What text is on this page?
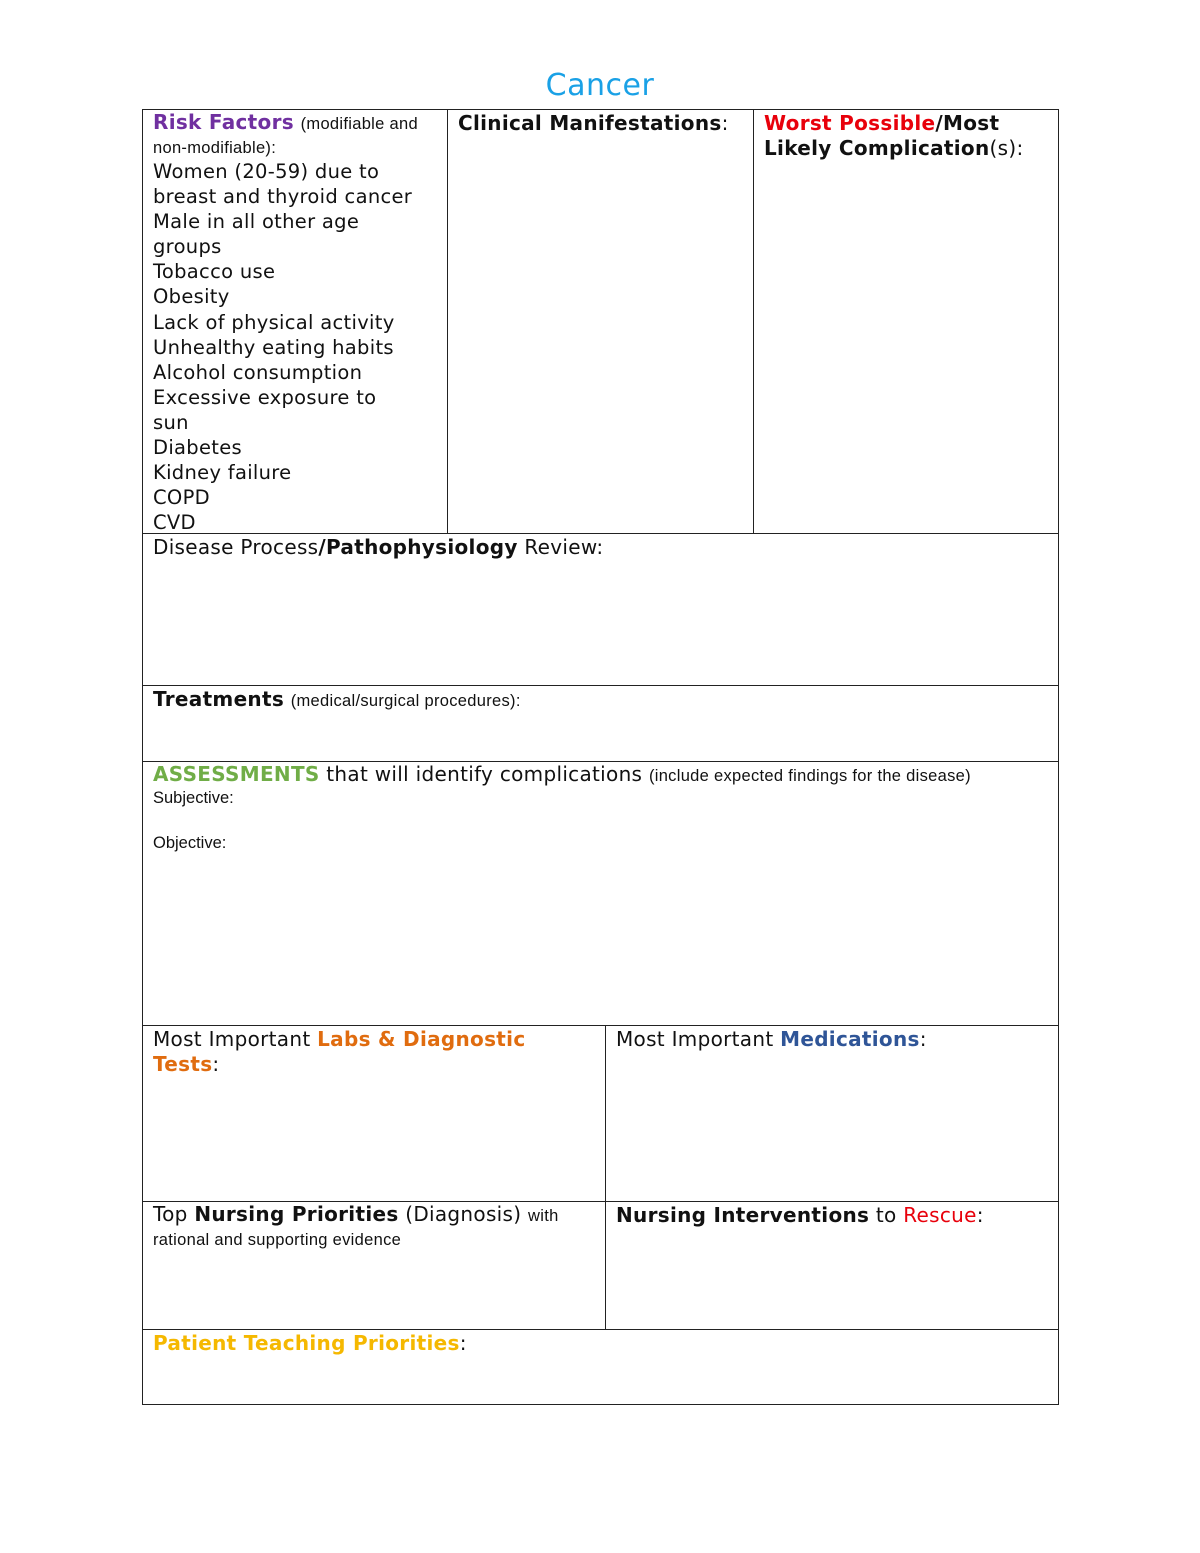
Cancer
Risk Factors (modifiable and non-modifiable):
Women (20-59) due to
breast and thyroid cancer
Male in all other age
groups
Tobacco use
Obesity
Lack of physical activity
Unhealthy eating habits
Alcohol consumption
Excessive exposure to
sun
Diabetes
Kidney failure
COPD
CVD
Clinical Manifestations:	Worst Possible/Most Likely Complication(s):
Disease Process/Pathophysiology Review:
Treatments (medical/surgical procedures):
ASSESSMENTS that will identify complications (include expected findings for the disease)
Subjective:
Objective:
Most Important Labs & Diagnostic Tests:
Most Important Medications:
Top Nursing Priorities (Diagnosis) with rational and supporting evidence
Nursing Interventions to Rescue:
Patient Teaching Priorities:
